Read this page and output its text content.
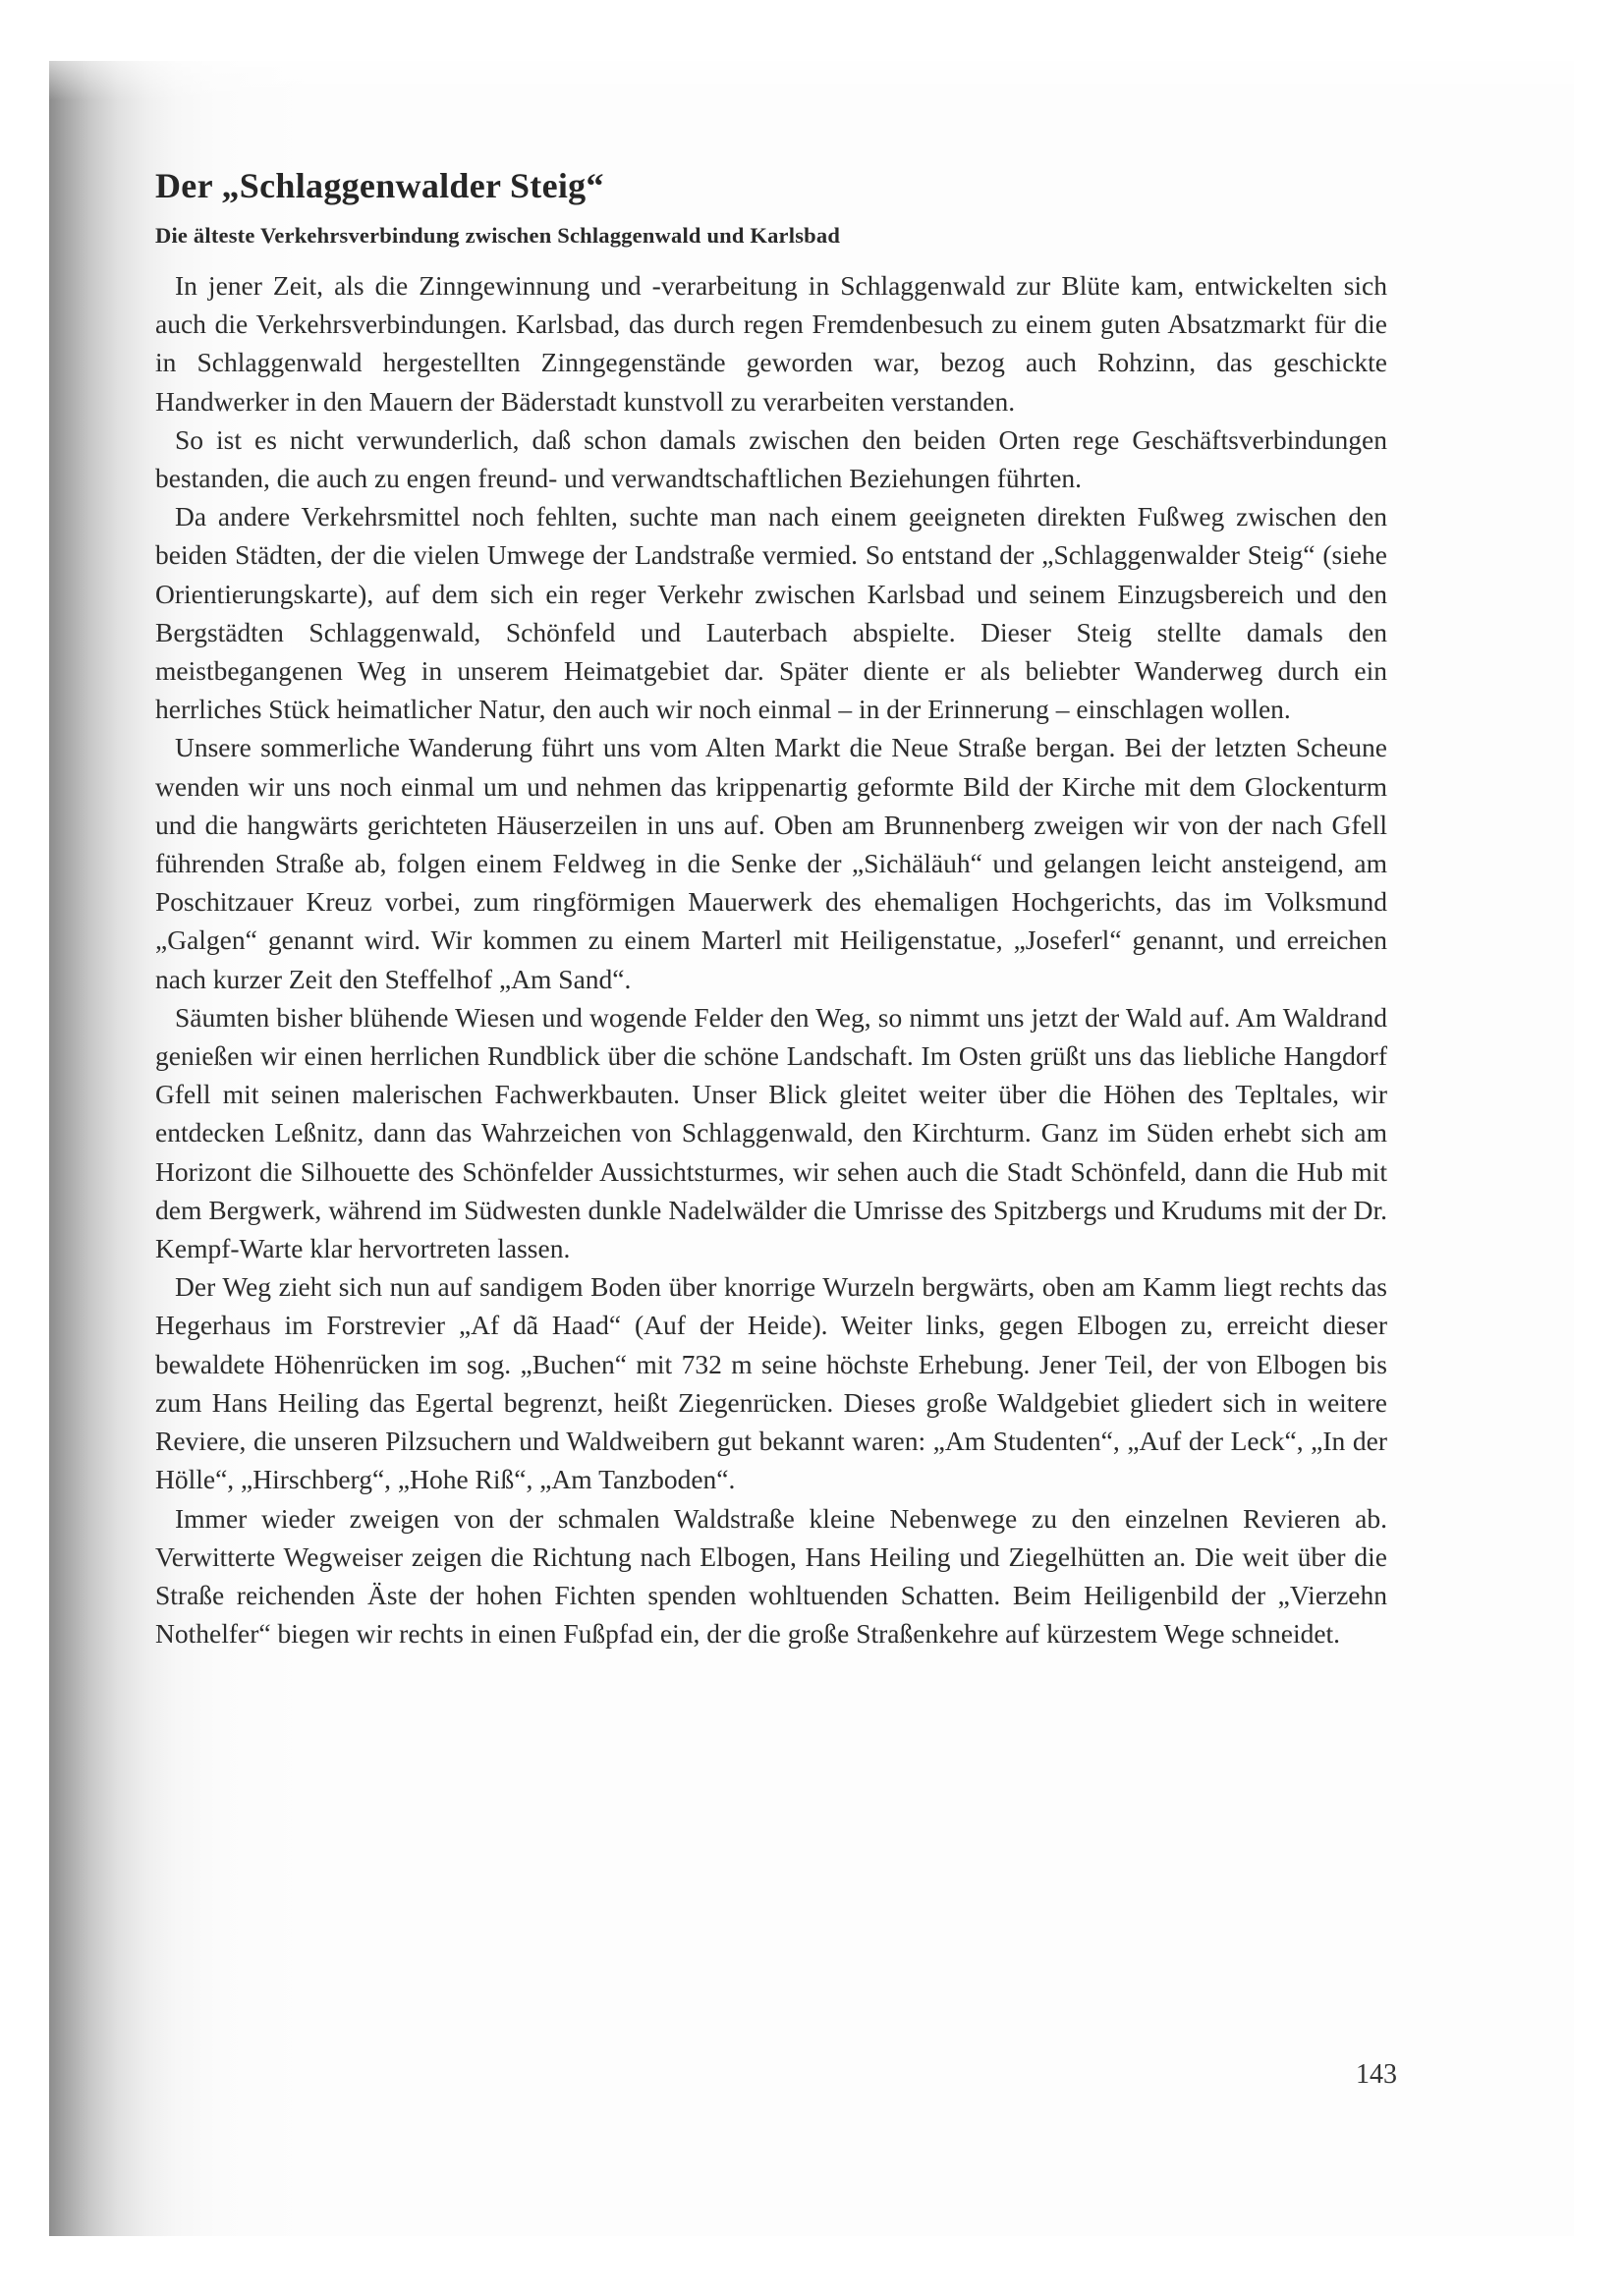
Der „Schlaggenwalder Steig“
Die älteste Verkehrsverbindung zwischen Schlaggenwald und Karlsbad

In jener Zeit, als die Zinngewinnung und -verarbeitung in Schlaggenwald zur Blüte kam, entwickelten sich auch die Verkehrsverbindungen. Karlsbad, das durch regen Fremdenbesuch zu einem guten Absatzmarkt für die in Schlaggenwald hergestellten Zinngegenstände geworden war, bezog auch Rohzinn, das geschickte Handwerker in den Mauern der Bäderstadt kunstvoll zu verarbeiten verstanden.

So ist es nicht verwunderlich, daß schon damals zwischen den beiden Orten rege Geschäftsverbindungen bestanden, die auch zu engen freund- und verwandtschaftlichen Beziehungen führten.

Da andere Verkehrsmittel noch fehlten, suchte man nach einem geeigneten direkten Fußweg zwischen den beiden Städten, der die vielen Umwege der Landstraße vermied. So entstand der „Schlaggenwalder Steig“ (siehe Orientierungskarte), auf dem sich ein reger Verkehr zwischen Karlsbad und seinem Einzugsbereich und den Bergstädten Schlaggenwald, Schönfeld und Lauterbach abspielte. Dieser Steig stellte damals den meistbegangenen Weg in unserem Heimatgebiet dar. Später diente er als beliebter Wanderweg durch ein herrliches Stück heimatlicher Natur, den auch wir noch einmal – in der Erinnerung – einschlagen wollen.

Unsere sommerliche Wanderung führt uns vom Alten Markt die Neue Straße bergan. Bei der letzten Scheune wenden wir uns noch einmal um und nehmen das krippenartig geformte Bild der Kirche mit dem Glockenturm und die hangwärts gerichteten Häuserzeilen in uns auf. Oben am Brunnenberg zweigen wir von der nach Gfell führenden Straße ab, folgen einem Feldweg in die Senke der „Sichäläuh“ und gelangen leicht ansteigend, am Poschitzauer Kreuz vorbei, zum ringförmigen Mauerwerk des ehemaligen Hochgerichts, das im Volksmund „Galgen“ genannt wird. Wir kommen zu einem Marterl mit Heiligenstatue, „Joseferl“ genannt, und erreichen nach kurzer Zeit den Steffelhof „Am Sand“.

Säumten bisher blühende Wiesen und wogende Felder den Weg, so nimmt uns jetzt der Wald auf. Am Waldrand genießen wir einen herrlichen Rundblick über die schöne Landschaft. Im Osten grüßt uns das liebliche Hangdorf Gfell mit seinen malerischen Fachwerkbauten. Unser Blick gleitet weiter über die Höhen des Tepltales, wir entdecken Leßnitz, dann das Wahrzeichen von Schlaggenwald, den Kirchturm. Ganz im Süden erhebt sich am Horizont die Silhouette des Schönfelder Aussichtsturmes, wir sehen auch die Stadt Schönfeld, dann die Hub mit dem Bergwerk, während im Südwesten dunkle Nadelwälder die Umrisse des Spitzbergs und Krudums mit der Dr. Kempf-Warte klar hervortreten lassen.

Der Weg zieht sich nun auf sandigem Boden über knorrige Wurzeln bergwärts, oben am Kamm liegt rechts das Hegerhaus im Forstrevier „Af dã Haad“ (Auf der Heide). Weiter links, gegen Elbogen zu, erreicht dieser bewaldete Höhenrücken im sog. „Buchen“ mit 732 m seine höchste Erhebung. Jener Teil, der von Elbogen bis zum Hans Heiling das Egertal begrenzt, heißt Ziegenrücken. Dieses große Waldgebiet gliedert sich in weitere Reviere, die unseren Pilzsuchern und Waldweibern gut bekannt waren: „Am Studenten“, „Auf der Leck“, „In der Hölle“, „Hirschberg“, „Hohe Riß“, „Am Tanzboden“.

Immer wieder zweigen von der schmalen Waldstraße kleine Nebenwege zu den einzelnen Revieren ab. Verwitterte Wegweiser zeigen die Richtung nach Elbogen, Hans Heiling und Ziegelhütten an. Die weit über die Straße reichenden Äste der hohen Fichten spenden wohltuenden Schatten. Beim Heiligenbild der „Vierzehn Nothelfer“ biegen wir rechts in einen Fußpfad ein, der die große Straßenkehre auf kürzestem Wege schneidet.

143
